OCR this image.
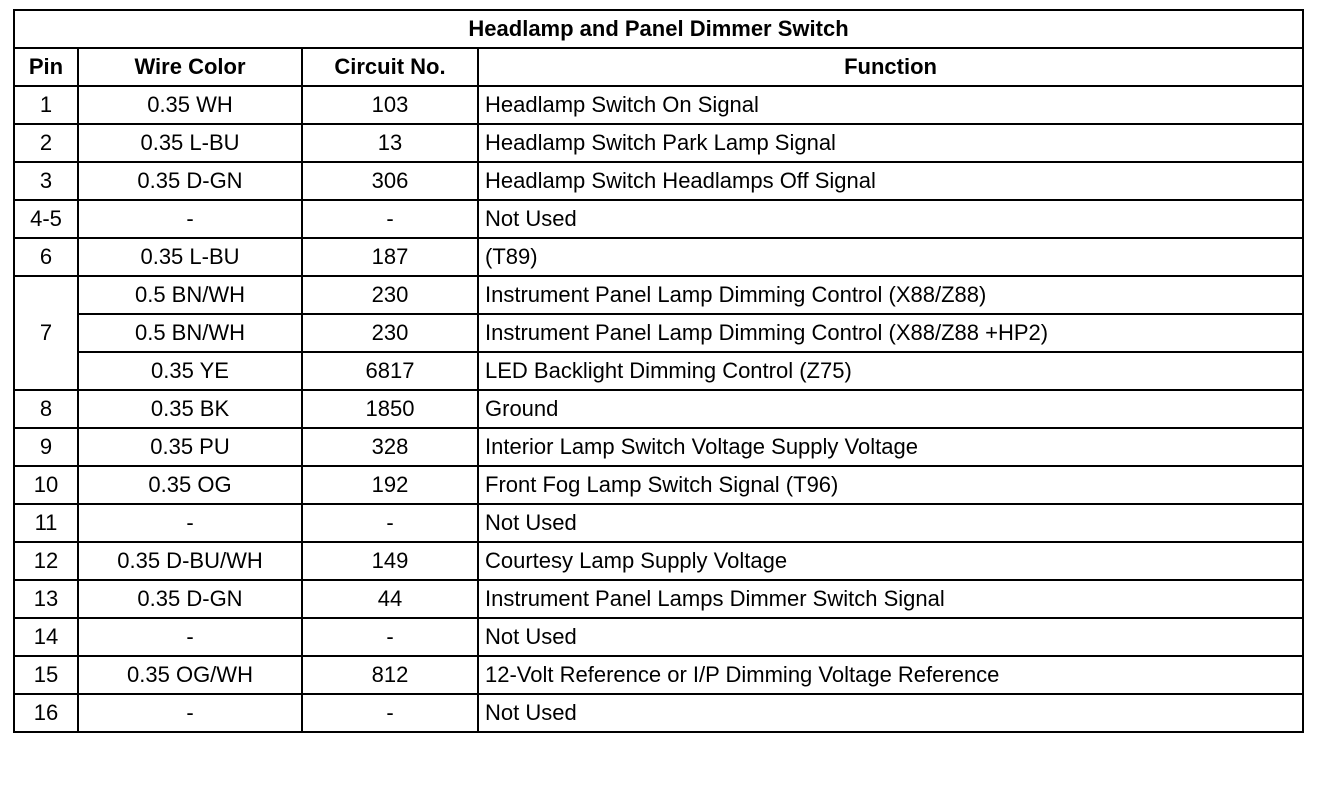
Headlamp and Panel Dimmer Switch			
Pin	Wire Color	Circuit No.	Function
1	0.35 WH	103	Headlamp Switch On Signal
2	0.35 L-BU	13	Headlamp Switch Park Lamp Signal
3	0.35 D-GN	306	Headlamp Switch Headlamps Off Signal
4-5	-	-	Not Used
6	0.35 L-BU	187	(T89)
7	0.5 BN/WH	230	Instrument Panel Lamp Dimming Control (X88/Z88)
	0.5 BN/WH	230	Instrument Panel Lamp Dimming Control (X88/Z88 +HP2)
	0.35 YE	6817	LED Backlight Dimming Control (Z75)
8	0.35 BK	1850	Ground
9	0.35 PU	328	Interior Lamp Switch Voltage Supply Voltage
10	0.35 OG	192	Front Fog Lamp Switch Signal (T96)
11	-	-	Not Used
12	0.35 D-BU/WH	149	Courtesy Lamp Supply Voltage
13	0.35 D-GN	44	Instrument Panel Lamps Dimmer Switch Signal
14	-	-	Not Used
15	0.35 OG/WH	812	12-Volt Reference or I/P Dimming Voltage Reference
16	-	-	Not Used
